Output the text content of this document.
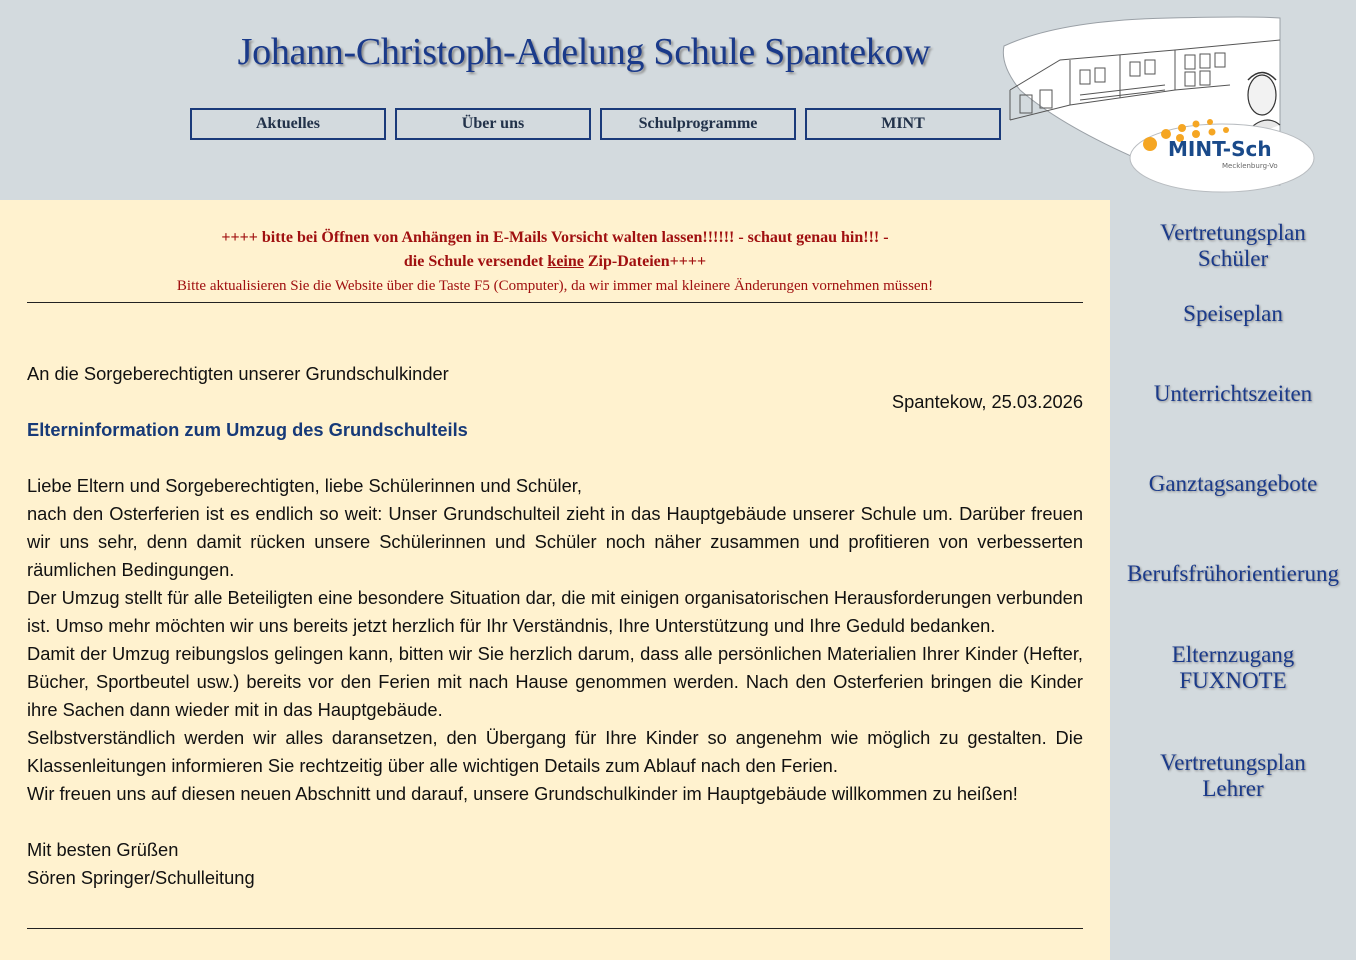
Johann-Christoph-Adelung Schule Spantekow
Aktuelles	Über uns	Schulprogramme	MINT
MINT-Sch
Mecklenburg-Vo
++++ bitte bei Öffnen von Anhängen in E-Mails Vorsicht walten lassen!!!!!! - schaut genau hin!!! -
die Schule versendet keine Zip-Dateien++++
Bitte aktualisieren Sie die Website über die Taste F5 (Computer), da wir immer mal kleinere Änderungen vornehmen müssen!

An die Sorgeberechtigten unserer Grundschulkinder

Spantekow, 25.03.2026

Elterninformation zum Umzug des Grundschulteils

Liebe Eltern und Sorgeberechtigten, liebe Schülerinnen und Schüler,

nach den Osterferien ist es endlich so weit: Unser Grundschulteil zieht in das Hauptgebäude unserer Schule um. Darüber freuen wir uns sehr, denn damit rücken unsere Schülerinnen und Schüler noch näher zusammen und profitieren von verbesserten räumlichen Bedingungen.

Der Umzug stellt für alle Beteiligten eine besondere Situation dar, die mit einigen organisatorischen Herausforderungen verbunden ist. Umso mehr möchten wir uns bereits jetzt herzlich für Ihr Verständnis, Ihre Unterstützung und Ihre Geduld bedanken.

Damit der Umzug reibungslos gelingen kann, bitten wir Sie herzlich darum, dass alle persönlichen Materialien Ihrer Kinder (Hefter, Bücher, Sportbeutel usw.) bereits vor den Ferien mit nach Hause genommen werden. Nach den Osterferien bringen die Kinder ihre Sachen dann wieder mit in das Hauptgebäude.

Selbstverständlich werden wir alles daransetzen, den Übergang für Ihre Kinder so angenehm wie möglich zu gestalten. Die Klassenleitungen informieren Sie rechtzeitig über alle wichtigen Details zum Ablauf nach den Ferien.

Wir freuen uns auf diesen neuen Abschnitt und darauf, unsere Grundschulkinder im Hauptgebäude willkommen zu heißen!

Mit besten Grüßen

Sören Springer/Schulleitung

Vertretungsplan
Schüler
Speiseplan
Unterrichtszeiten
Ganztagsangebote
Berufsfrühorientierung
Elternzugang
FUXNOTE
Vertretungsplan
Lehrer
